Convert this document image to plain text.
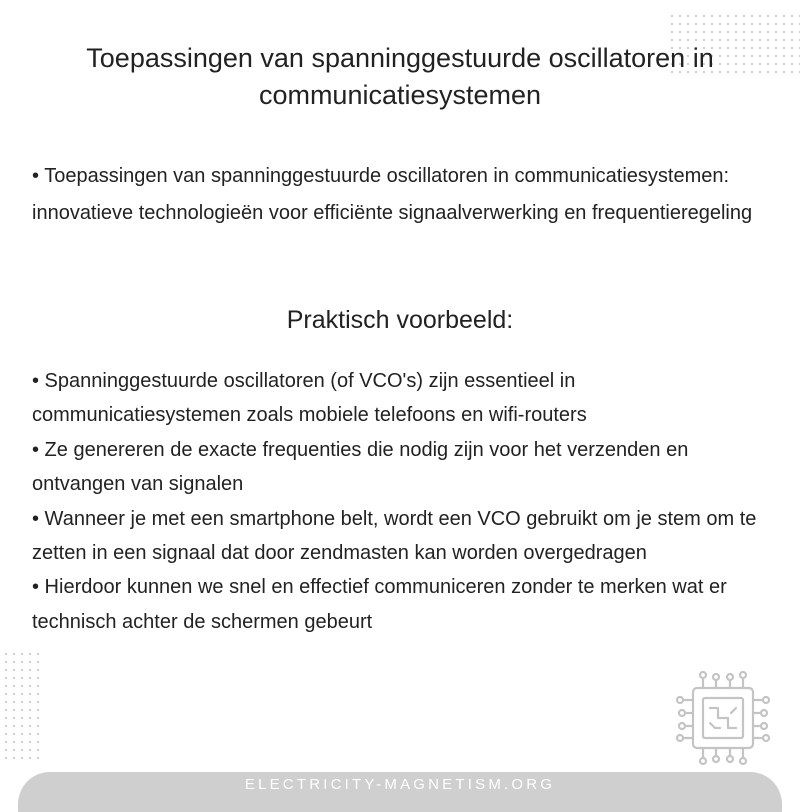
Toepassingen van spanninggestuurde oscillatoren in communicatiesystemen
• Toepassingen van spanninggestuurde oscillatoren in communicatiesystemen: innovatieve technologieën voor efficiënte signaalverwerking en frequentieregeling
Praktisch voorbeeld:

• Spanninggestuurde oscillatoren (of VCO's) zijn essentieel in communicatiesystemen zoals mobiele telefoons en wifi-routers

• Ze genereren de exacte frequenties die nodig zijn voor het verzenden en ontvangen van signalen

• Wanneer je met een smartphone belt, wordt een VCO gebruikt om je stem om te zetten in een signaal dat door zendmasten kan worden overgedragen

• Hierdoor kunnen we snel en effectief communiceren zonder te merken wat er technisch achter de schermen gebeurt

ELECTRICITY-MAGNETISM.ORG
